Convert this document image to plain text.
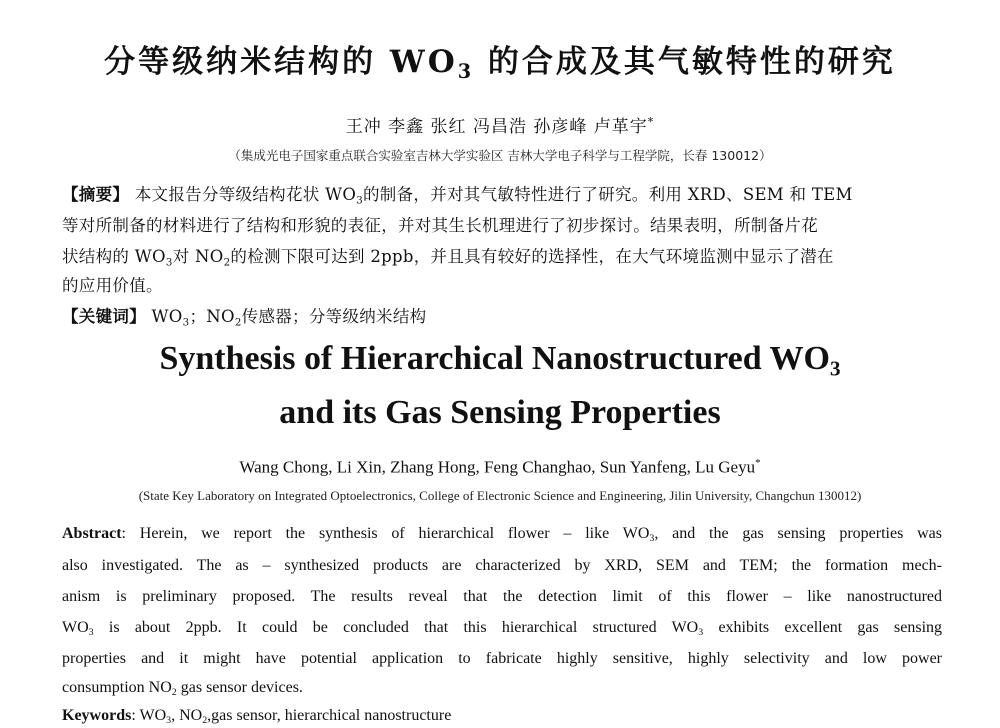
分等级纳米结构的 $WO_3$ 的合成及其气敏特性的研究
王冲 李鑫 张红 冯昌浩 孙彦峰 卢革宇*
（集成光电子国家重点联合实验室吉林大学实验区 吉林大学电子科学与工程学院，长春 130012）
【摘要】 本文报告分等级结构花状 $WO_3$的制备，并对其气敏特性进行了研究。利用 XRD、SEM 和 TEM
等对所制备的材料进行了结构和形貌的表征，并对其生长机理进行了初步探讨。结果表明，所制备片花
状结构的 $WO_3$对 $NO_2$的检测下限可达到 2ppb，并且具有较好的选择性，在大气环境监测中显示了潜在
的应用价值。
【关键词】 $WO_3$；$NO_2$传感器；分等级纳米结构
Synthesis of Hierarchical Nanostructured $WO_3$
and its Gas Sensing Properties
Wang Chong, Li Xin, Zhang Hong, Feng Changhao, Sun Yanfeng, Lu Geyu*
(State Key Laboratory on Integrated Optoelectronics, College of Electronic Science and Engineering, Jilin University, Changchun 130012)
Abstract: Herein, we report the synthesis of hierarchical flower – like $WO_3$, and the gas sensing properties was
also investigated. The as – synthesized products are characterized by XRD, SEM and TEM; the formation mech-
anism is preliminary proposed. The results reveal that the detection limit of this flower – like nanostructured
$WO_3$ is about 2ppb. It could be concluded that this hierarchical structured $WO_3$ exhibits excellent gas sensing
properties and it might have potential application to fabricate highly sensitive, highly selectivity and low power
consumption $NO_2$ gas sensor devices.
Keywords: $WO_3$, $NO_2,gas$ sensor, hierarchical nanostructure
